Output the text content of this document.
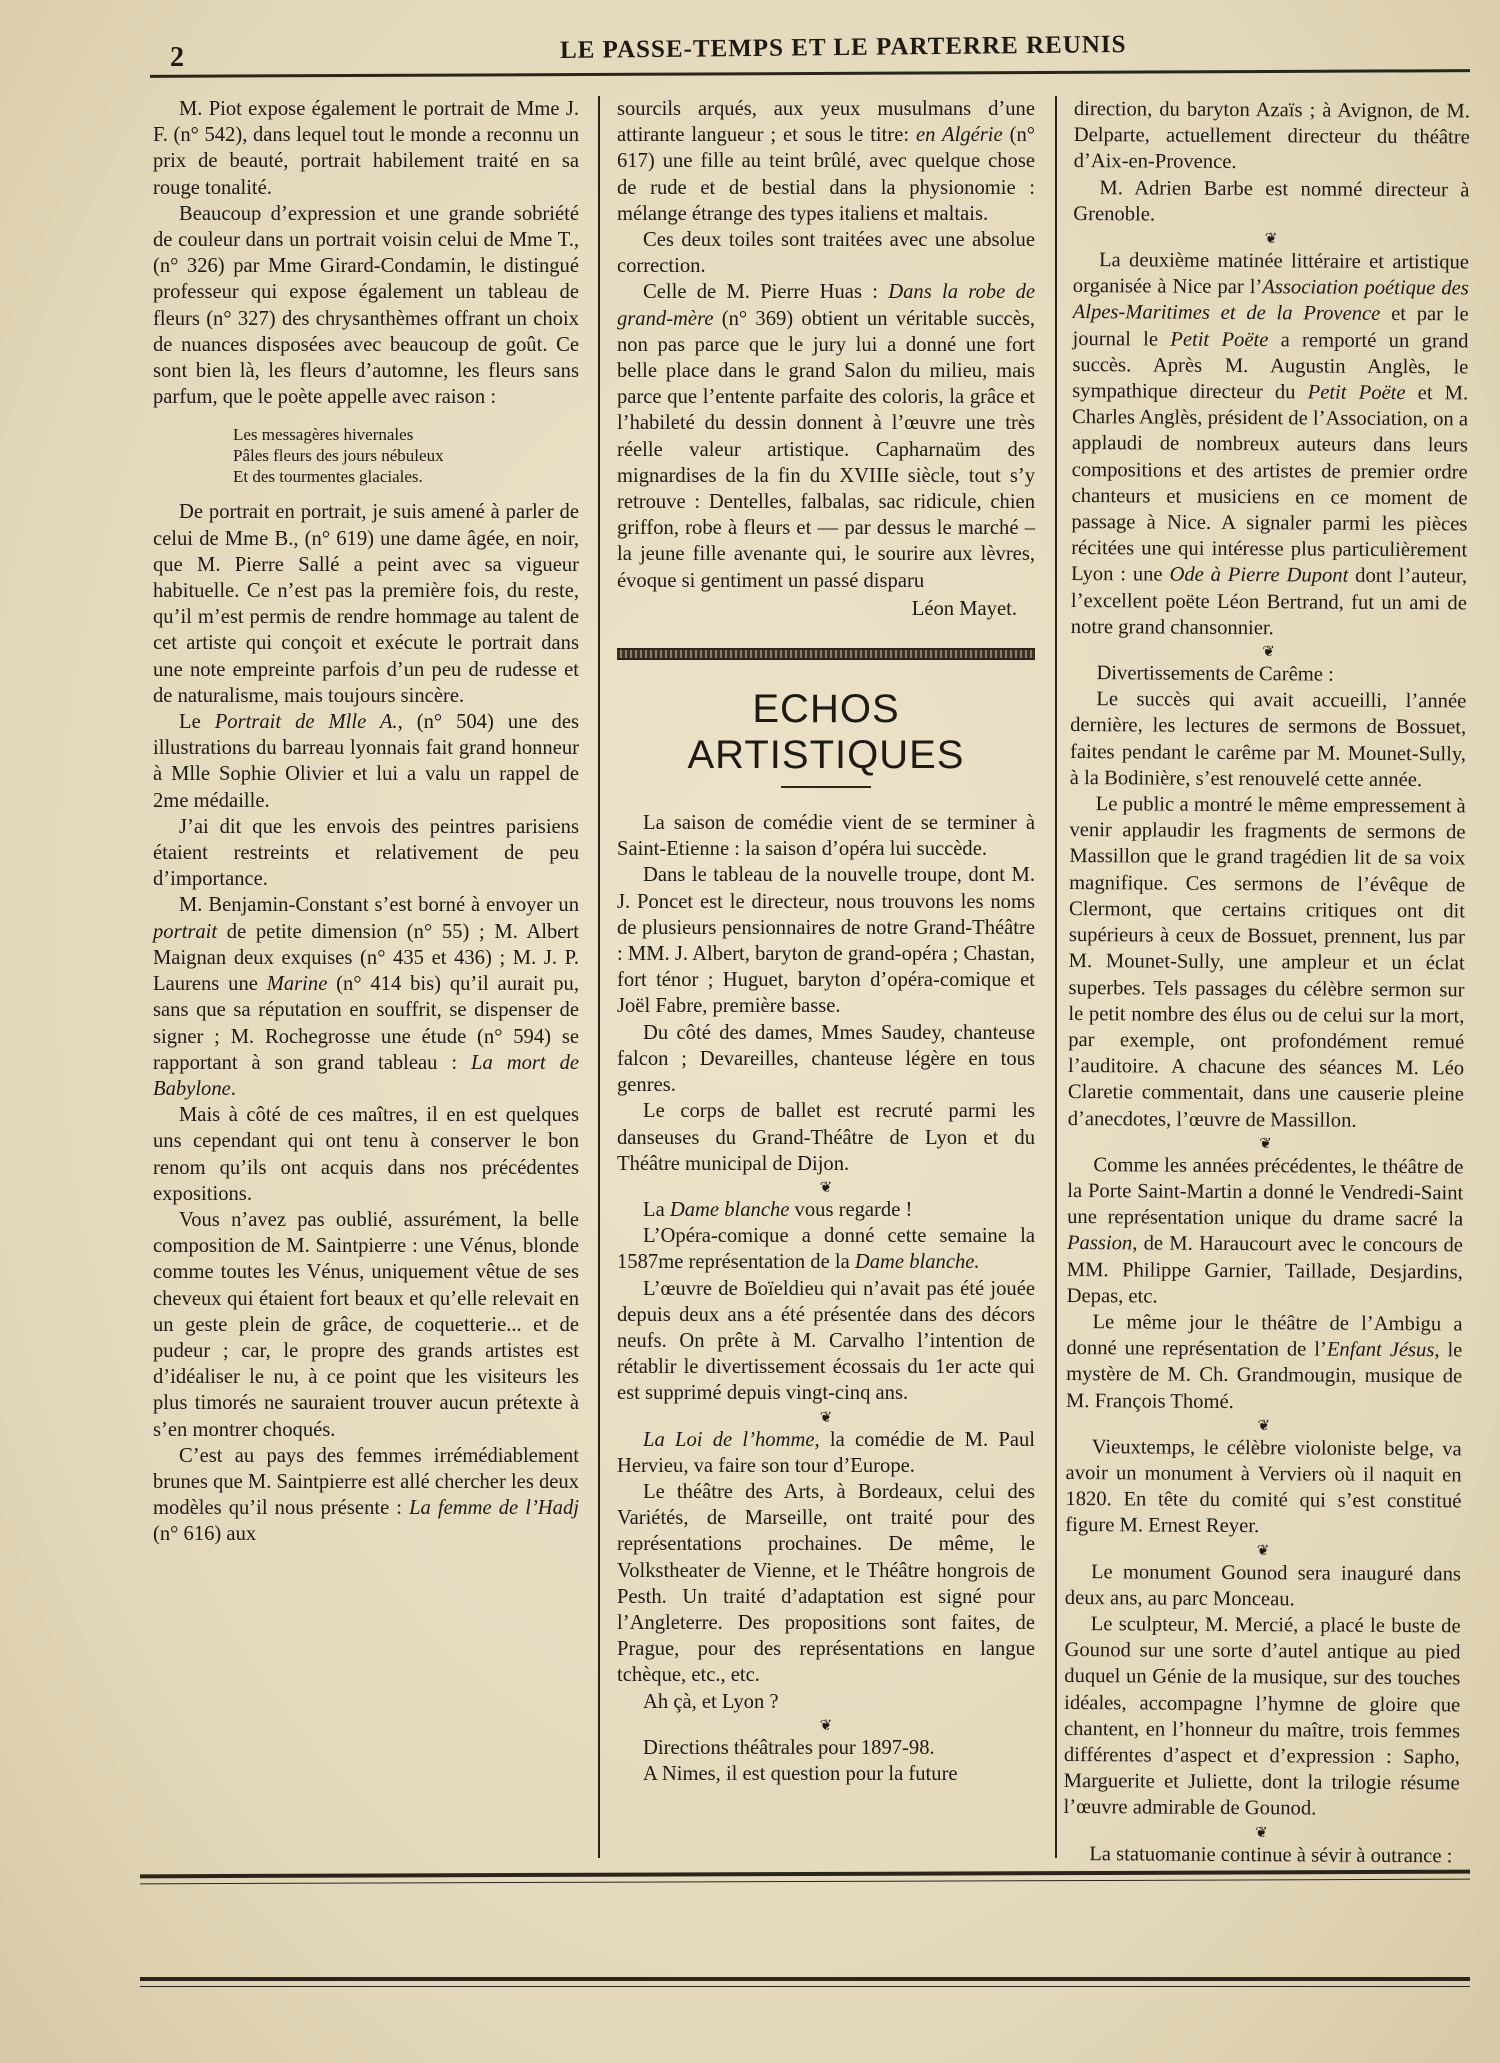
2	LE PASSE-TEMPS ET LE PARTERRE REUNIS

M. Piot expose également le portrait de Mme J. F. (n° 542), dans lequel tout le monde a reconnu un prix de beauté, portrait habilement traité en sa rouge tonalité.

Beaucoup d’expression et une grande sobriété de couleur dans un portrait voisin celui de Mme T., (n° 326) par Mme Girard-Condamin, le distingué professeur qui expose également un tableau de fleurs (n° 327) des chrysanthèmes offrant un choix de nuances disposées avec beaucoup de goût. Ce sont bien là, les fleurs d’automne, les fleurs sans parfum, que le poète appelle avec raison :

Les messagères hivernales
Pâles fleurs des jours nébuleux
Et des tourmentes glaciales.

De portrait en portrait, je suis amené à parler de celui de Mme B., (n° 619) une dame âgée, en noir, que M. Pierre Sallé a peint avec sa vigueur habituelle. Ce n’est pas la première fois, du reste, qu’il m’est permis de rendre hommage au talent de cet artiste qui conçoit et exécute le portrait dans une note empreinte parfois d’un peu de rudesse et de naturalisme, mais toujours sincère.

Le Portrait de Mlle A., (n° 504) une des illustrations du barreau lyonnais fait grand honneur à Mlle Sophie Olivier et lui a valu un rappel de 2me médaille.

J’ai dit que les envois des peintres parisiens étaient restreints et relativement de peu d’importance.

M. Benjamin-Constant s’est borné à envoyer un portrait de petite dimension (n° 55) ; M. Albert Maignan deux exquises (n° 435 et 436) ; M. J. P. Laurens une Marine (n° 414 bis) qu’il aurait pu, sans que sa réputation en souffrit, se dispenser de signer ; M. Rochegrosse une étude (n° 594) se rapportant à son grand tableau : La mort de Babylone.

Mais à côté de ces maîtres, il en est quelques uns cependant qui ont tenu à conserver le bon renom qu’ils ont acquis dans nos précédentes expositions.

Vous n’avez pas oublié, assurément, la belle composition de M. Saintpierre : une Vénus, blonde comme toutes les Vénus, uniquement vêtue de ses cheveux qui étaient fort beaux et qu’elle relevait en un geste plein de grâce, de coquetterie... et de pudeur ; car, le propre des grands artistes est d’idéaliser le nu, à ce point que les visiteurs les plus timorés ne sauraient trouver aucun prétexte à s’en montrer choqués.

C’est au pays des femmes irrémédiablement brunes que M. Saintpierre est allé chercher les deux modèles qu’il nous présente : La femme de l’Hadj (n° 616) aux

sourcils arqués, aux yeux musulmans d’une attirante langueur ; et sous le titre: en Algérie (n° 617) une fille au teint brûlé, avec quelque chose de rude et de bestial dans la physionomie : mélange étrange des types italiens et maltais.

Ces deux toiles sont traitées avec une absolue correction.

Celle de M. Pierre Huas : Dans la robe de grand-mère (n° 369) obtient un véritable succès, non pas parce que le jury lui a donné une fort belle place dans le grand Salon du milieu, mais parce que l’entente parfaite des coloris, la grâce et l’habileté du dessin donnent à l’œuvre une très réelle valeur artistique. Capharnaüm des mignardises de la fin du XVIIIe siècle, tout s’y retrouve : Dentelles, falbalas, sac ridicule, chien griffon, robe à fleurs et — par dessus le marché – la jeune fille avenante qui, le sourire aux lèvres, évoque si gentiment un passé disparu

Léon Mayet.

ECHOS ARTISTIQUES

La saison de comédie vient de se terminer à Saint-Etienne : la saison d’opéra lui succède.

Dans le tableau de la nouvelle troupe, dont M. J. Poncet est le directeur, nous trouvons les noms de plusieurs pensionnaires de notre Grand-Théâtre : MM. J. Albert, baryton de grand-opéra ; Chastan, fort ténor ; Huguet, baryton d’opéra-comique et Joël Fabre, première basse.

Du côté des dames, Mmes Saudey, chanteuse falcon ; Devareilles, chanteuse légère en tous genres.

Le corps de ballet est recruté parmi les danseuses du Grand-Théâtre de Lyon et du Théâtre municipal de Dijon.

❦

La Dame blanche vous regarde !

L’Opéra-comique a donné cette semaine la 1587me représentation de la Dame blanche.

L’œuvre de Boïeldieu qui n’avait pas été jouée depuis deux ans a été présentée dans des décors neufs. On prête à M. Carvalho l’intention de rétablir le divertissement écossais du 1er acte qui est supprimé depuis vingt-cinq ans.

❦

La Loi de l’homme, la comédie de M. Paul Hervieu, va faire son tour d’Europe.

Le théâtre des Arts, à Bordeaux, celui des Variétés, de Marseille, ont traité pour des représentations prochaines. De même, le Volkstheater de Vienne, et le Théâtre hongrois de Pesth. Un traité d’adaptation est signé pour l’Angleterre. Des propositions sont faites, de Prague, pour des représentations en langue tchèque, etc., etc.

Ah çà, et Lyon ?

❦

Directions théâtrales pour 1897-98.

A Nimes, il est question pour la future

direction, du baryton Azaïs ; à Avignon, de M. Delparte, actuellement directeur du théâtre d’Aix-en-Provence.

M. Adrien Barbe est nommé directeur à Grenoble.

❦

La deuxième matinée littéraire et artistique organisée à Nice par l’Association poétique des Alpes-Maritimes et de la Provence et par le journal le Petit Poëte a remporté un grand succès. Après M. Augustin Anglès, le sympathique directeur du Petit Poëte et M. Charles Anglès, président de l’Association, on a applaudi de nombreux auteurs dans leurs compositions et des artistes de premier ordre chanteurs et musiciens en ce moment de passage à Nice. A signaler parmi les pièces récitées une qui intéresse plus particulièrement Lyon : une Ode à Pierre Dupont dont l’auteur, l’excellent poëte Léon Bertrand, fut un ami de notre grand chansonnier.

❦

Divertissements de Carême :

Le succès qui avait accueilli, l’année dernière, les lectures de sermons de Bossuet, faites pendant le carême par M. Mounet-Sully, à la Bodinière, s’est renouvelé cette année.

Le public a montré le même empressement à venir applaudir les fragments de sermons de Massillon que le grand tragédien lit de sa voix magnifique. Ces sermons de l’évêque de Clermont, que certains critiques ont dit supérieurs à ceux de Bossuet, prennent, lus par M. Mounet-Sully, une ampleur et un éclat superbes. Tels passages du célèbre sermon sur le petit nombre des élus ou de celui sur la mort, par exemple, ont profondément remué l’auditoire. A chacune des séances M. Léo Claretie commentait, dans une causerie pleine d’anecdotes, l’œuvre de Massillon.

❦

Comme les années précédentes, le théâtre de la Porte Saint-Martin a donné le Vendredi-Saint une représentation unique du drame sacré la Passion, de M. Haraucourt avec le concours de MM. Philippe Garnier, Taillade, Desjardins, Depas, etc.

Le même jour le théâtre de l’Ambigu a donné une représentation de l’Enfant Jésus, le mystère de M. Ch. Grandmougin, musique de M. François Thomé.

❦

Vieuxtemps, le célèbre violoniste belge, va avoir un monument à Verviers où il naquit en 1820. En tête du comité qui s’est constitué figure M. Ernest Reyer.

❦

Le monument Gounod sera inauguré dans deux ans, au parc Monceau.

Le sculpteur, M. Mercié, a placé le buste de Gounod sur une sorte d’autel antique au pied duquel un Génie de la musique, sur des touches idéales, accompagne l’hymne de gloire que chantent, en l’honneur du maître, trois femmes différentes d’aspect et d’expression : Sapho, Marguerite et Juliette, dont la trilogie résume l’œuvre admirable de Gounod.

❦

La statuomanie continue à sévir à outrance :
